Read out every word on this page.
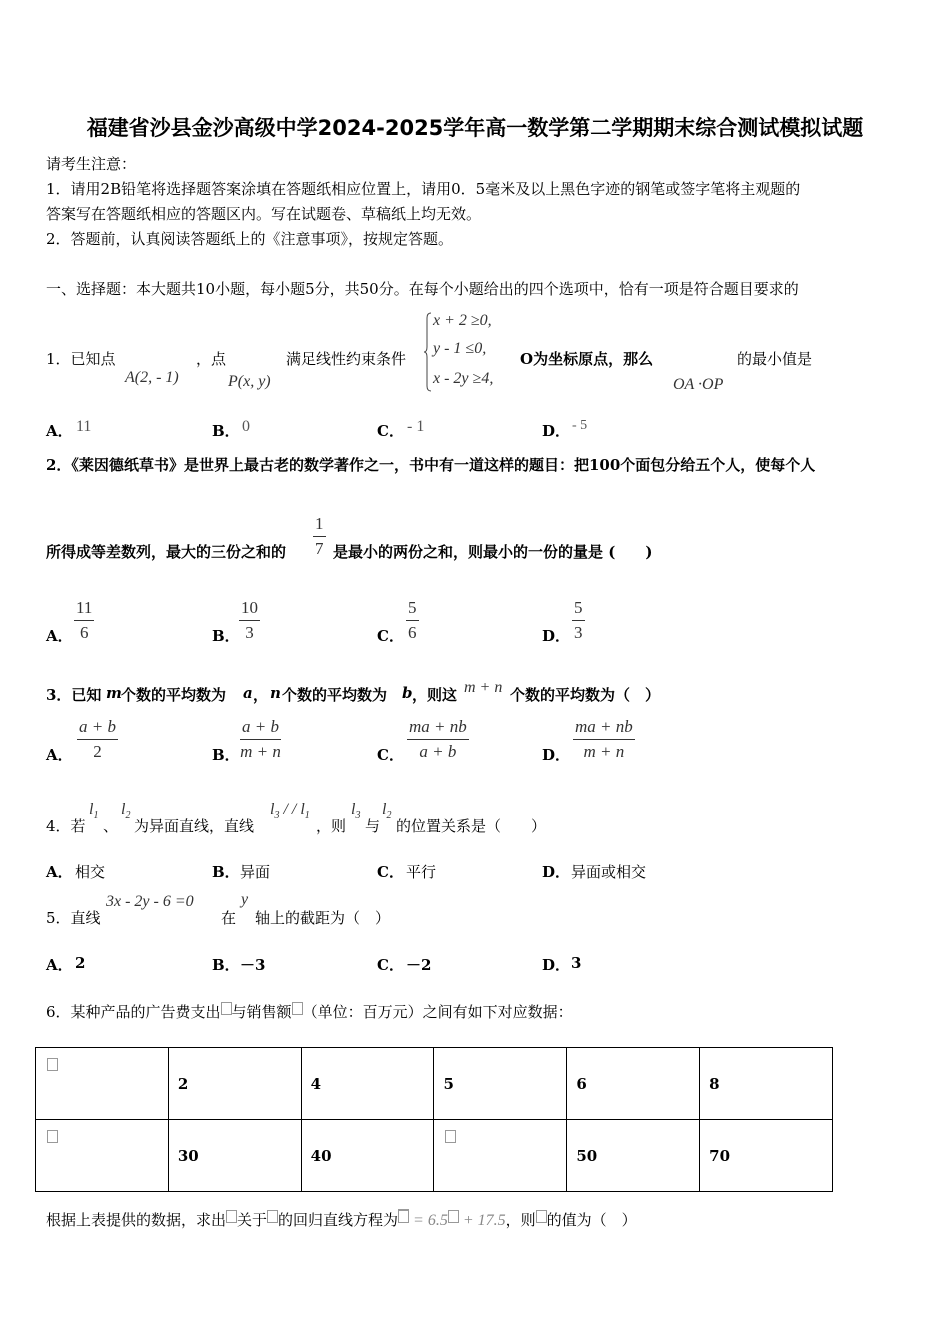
福建省沙县金沙高级中学2024-2025学年高一数学第二学期期末综合测试模拟试题
请考生注意：
1．请用2B铅笔将选择题答案涂填在答题纸相应位置上，请用0．5毫米及以上黑色字迹的钢笔或签字笔将主观题的
答案写在答题纸相应的答题区内。写在试题卷、草稿纸上均无效。
2．答题前，认真阅读答题纸上的《注意事项》，按规定答题。
一、选择题：本大题共10小题，每小题5分，共50分。在每个小题给出的四个选项中，恰有一项是符合题目要求的
1．已知点
A(2, - 1)
，点
P(x, y)
满足线性约束条件
x + 2 ≥0,
y - 1 ≤0,
x - 2y ≥4,
O为坐标原点，那么
OA ·OP
的最小值是
A． 11	B． 0	C． - 1	D． - 5
2．《莱因德纸草书》是世界上最古老的数学著作之一，书中有一道这样的题目：把100个面包分给五个人，使每个人
所得成等差数列，最大的三份之和的 $\frac{1}{7}$ 是最小的两份之和，则最小的一份的量是 (　　)
A． $\frac{11}{6}$	B． $\frac{10}{3}$	C． $\frac{5}{6}$	D． $\frac{5}{3}$
3．已知 m 个数的平均数为 a ， n 个数的平均数为 b ，则这 m + n 个数的平均数为（　）
A． $\frac{a + b}{2}$	B． $\frac{a + b}{m + n}$	C． $\frac{ma + nb}{a + b}$	D． $\frac{ma + nb}{m + n}$
4．若
$l_1$
、
$l_2$
为异面直线，直线
$l_3$ / / $l_1$
，则
$l_3$
与
$l_2$
的位置关系是（　　）
A． 相交	B． 异面	C． 平行	D． 异面或相交
5．直线
3x - 2y - 6 =0
在
y
轴上的截距为（　）
A． 2	B． －3	C． －2	D． 3
6．某种产品的广告费支出 与销售额 （单位：百万元）之间有如下对应数据：
	2	4	5	6	8

	30	40		50	70
根据上表提供的数据，求出 关于 的回归直线方程为 = 6.5 + 17.5，则 的值为（　）
